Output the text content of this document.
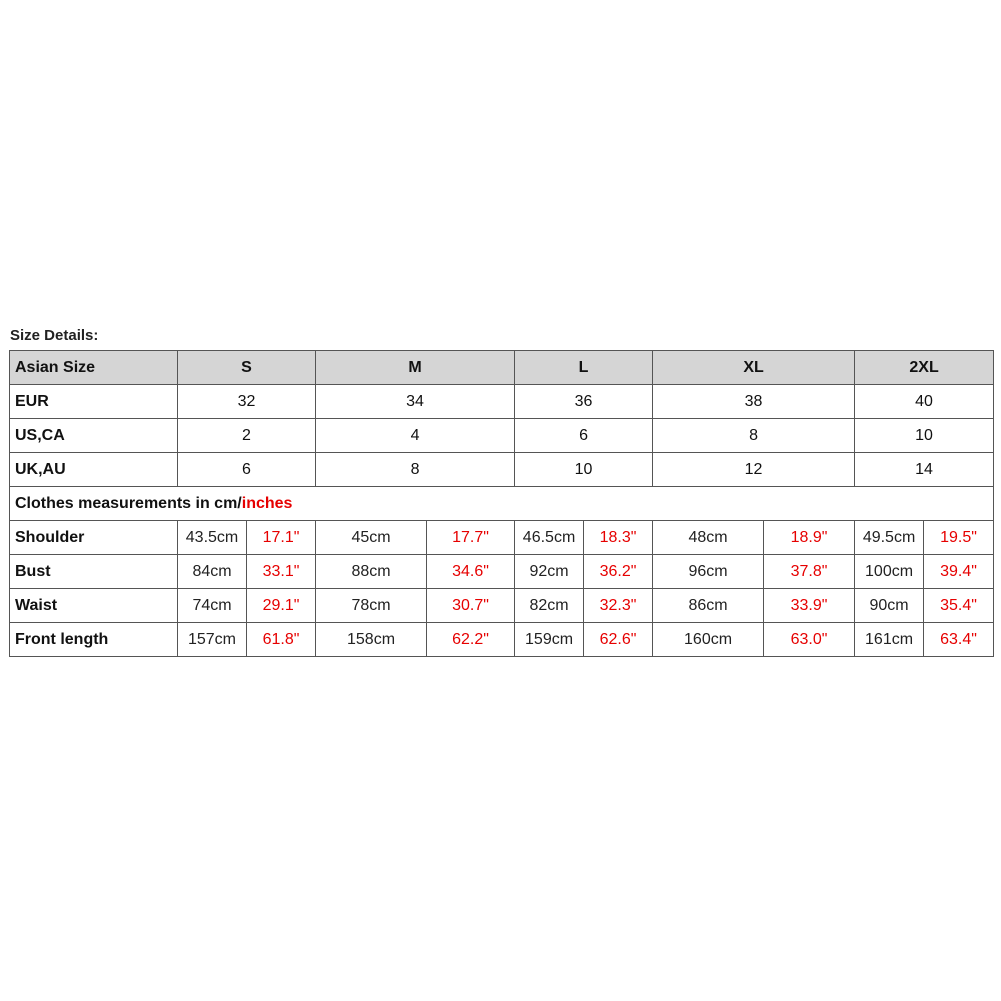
Size Details:
Asian Size	S		M		L		XL		2XL	
EUR	32		34		36		38		40	
US,CA	2		4		6		8		10	
UK,AU	6		8		10		12		14	
Clothes measurements in cm/inches										
Shoulder	43.5cm	17.1"	45cm	17.7"	46.5cm	18.3"	48cm	18.9"	49.5cm	19.5"
Bust	84cm	33.1"	88cm	34.6"	92cm	36.2"	96cm	37.8"	100cm	39.4"
Waist	74cm	29.1"	78cm	30.7"	82cm	32.3"	86cm	33.9"	90cm	35.4"
Front length	157cm	61.8"	158cm	62.2"	159cm	62.6"	160cm	63.0"	161cm	63.4"
